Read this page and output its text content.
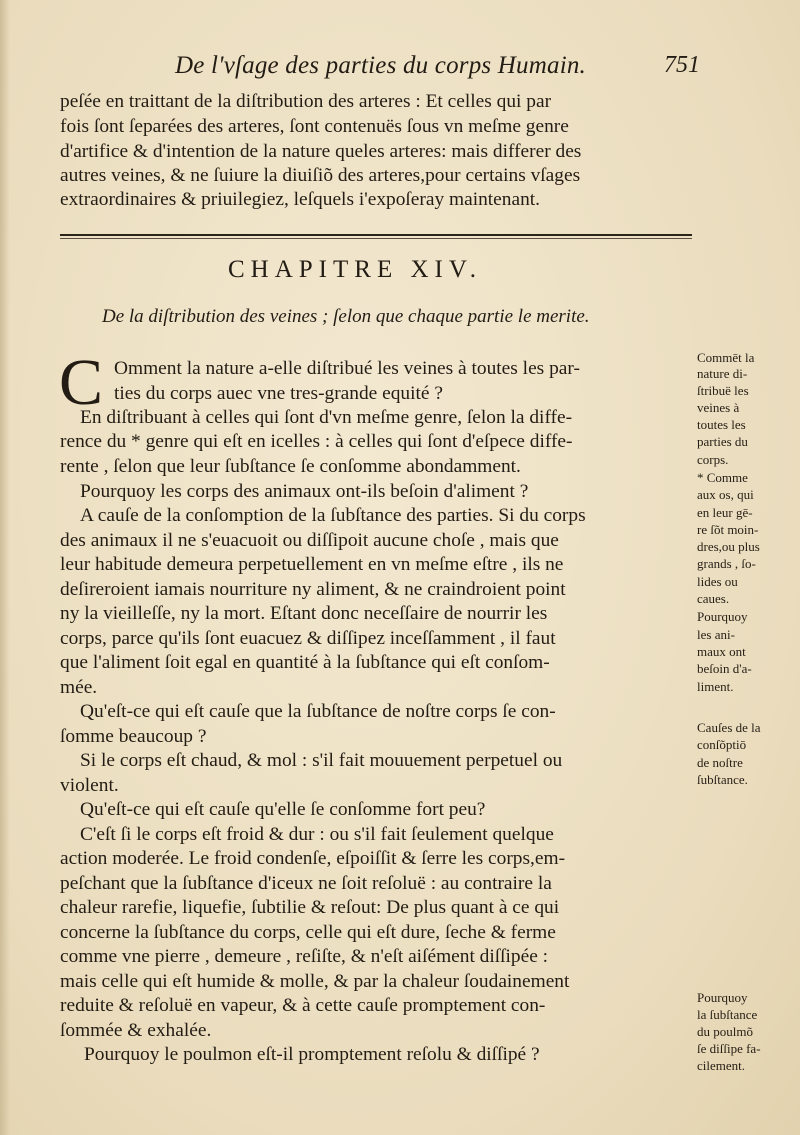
De l'vſage des parties du corps Humain.	751
peſée en traittant de la diſtribution des arteres : Et celles qui par
fois ſont ſeparées des arteres, ſont contenuës ſous vn meſme genre
d'artifice & d'intention de la nature queles arteres: mais differer des
autres veines, & ne ſuiure la diuiſiõ des arteres,pour certains vſages
extraordinaires & priuilegiez, leſquels i'expoſeray maintenant.
CHAPITRE XIV.
De la diſtribution des veines ; ſelon que chaque partie le merite.
C Omment la nature a-elle diſtribué les veines à toutes les par-
ties du corps auec vne tres-grande equité ?
En diſtribuant à celles qui ſont d'vn meſme genre, ſelon la diffe-
rence du * genre qui eſt en icelles : à celles qui ſont d'eſpece diffe-
rente , ſelon que leur ſubſtance ſe conſomme abondamment.
Pourquoy les corps des animaux ont-ils beſoin d'aliment ?
A cauſe de la conſomption de la ſubſtance des parties. Si du corps
des animaux il ne s'euacuoit ou diſſipoit aucune choſe , mais que
leur habitude demeura perpetuellement en vn meſme eſtre , ils ne
deſireroient iamais nourriture ny aliment, & ne craindroient point
ny la vieilleſſe, ny la mort. Eſtant donc neceſſaire de nourrir les
corps, parce qu'ils ſont euacuez & diſſipez inceſſamment , il faut
que l'aliment ſoit egal en quantité à la ſubſtance qui eſt conſom-
mée.
Qu'eſt-ce qui eſt cauſe que la ſubſtance de noſtre corps ſe con-
ſomme beaucoup ?
Si le corps eſt chaud, & mol : s'il fait mouuement perpetuel ou
violent.
Qu'eſt-ce qui eſt cauſe qu'elle ſe conſomme fort peu?
C'eſt ſi le corps eſt froid & dur : ou s'il fait ſeulement quelque
action moderée. Le froid condenſe, eſpoiſſit & ſerre les corps,em-
peſchant que la ſubſtance d'iceux ne ſoit reſoluë : au contraire la
chaleur rarefie, liquefie, ſubtilie & reſout: De plus quant à ce qui
concerne la ſubſtance du corps, celle qui eſt dure, ſeche & ferme
comme vne pierre , demeure , reſiſte, & n'eſt aiſément diſſipée :
mais celle qui eſt humide & molle, & par la chaleur ſoudainement
reduite & reſoluë en vapeur, & à cette cauſe promptement con-
ſommée & exhalée.
Pourquoy le poulmon eſt-il promptement reſolu & diſſipé ?
Commēt la
nature di-
ſtribuë les
veines à
toutes les
parties du
corps.
* Comme
aux os, qui
en leur gē-
re ſõt moin-
dres,ou plus
grands , ſo-
lides ou
caues.
Pourquoy
les ani-
maux ont
beſoin d'a-
liment.
Cauſes de la
conſõptiō
de noſtre
ſubſtance.
Pourquoy
la ſubſtance
du poulmõ
ſe diſſipe fa-
cilement.
